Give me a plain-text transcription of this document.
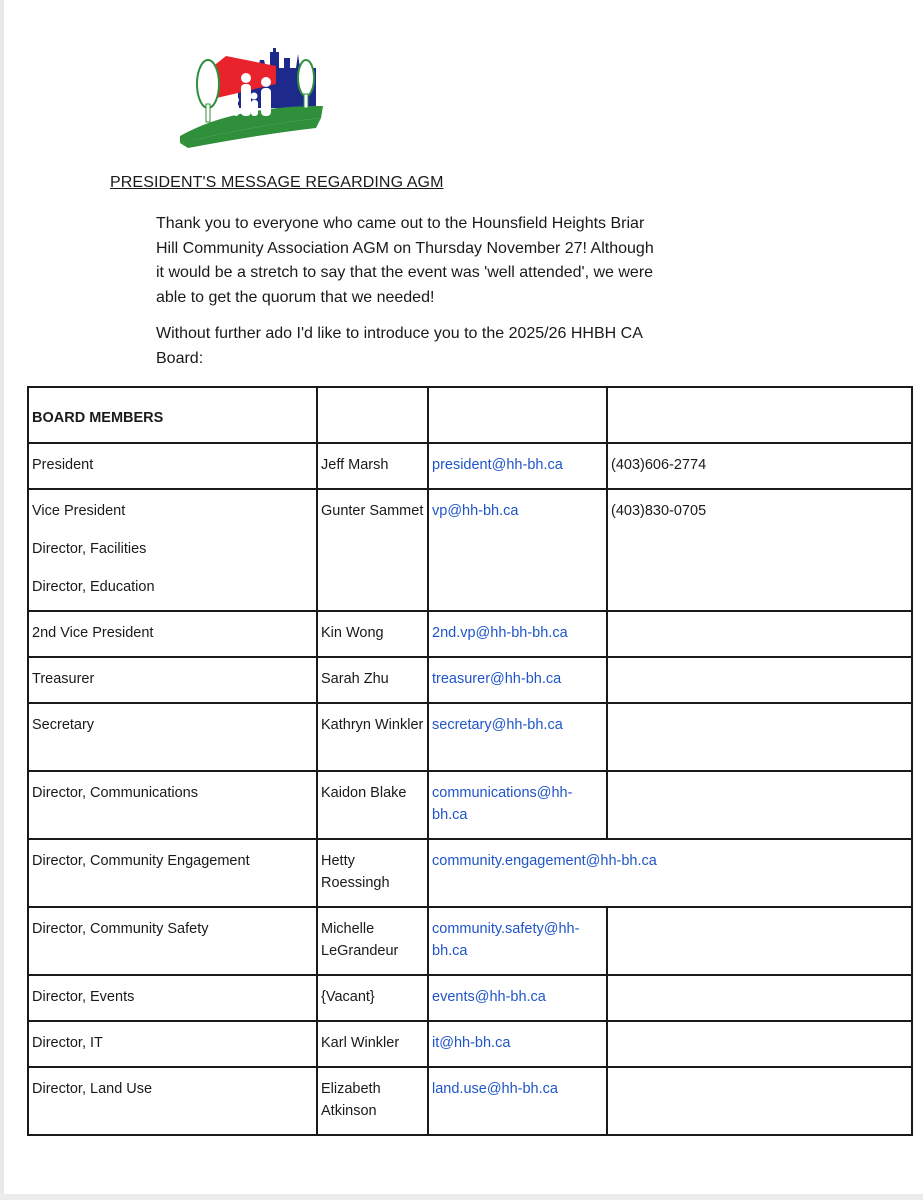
PRESIDENT'S MESSAGE REGARDING AGM
Thank you to everyone who came out to the Hounsfield Heights Briar Hill Community Association AGM on Thursday November 27! Although it would be a stretch to say that the event was 'well attended', we were able to get the quorum that we needed!
Without further ado I'd like to introduce you to the 2025/26 HHBH CA Board:
BOARD MEMBERS			

President	Jeff Marsh	president@hh-bh.ca	(403)606-2774

Vice President
Director, Facilities
Director, Education	Gunter Sammet	vp@hh-bh.ca	(403)830-0705

2nd Vice President	Kin Wong	2nd.vp@hh-bh-bh.ca	

Treasurer	Sarah Zhu	treasurer@hh-bh.ca	

Secretary	Kathryn Winkler	secretary@hh-bh.ca	

Director, Communications	Kaidon Blake	communications@hh-bh.ca	

Director, Community Engagement	Hetty Roessingh	community.engagement@hh-bh.ca	

Director, Community Safety	Michelle LeGrandeur	community.safety@hh-bh.ca	

Director, Events	{Vacant}	events@hh-bh.ca	

Director, IT	Karl Winkler	it@hh-bh.ca	

Director, Land Use	Elizabeth Atkinson	land.use@hh-bh.ca	
